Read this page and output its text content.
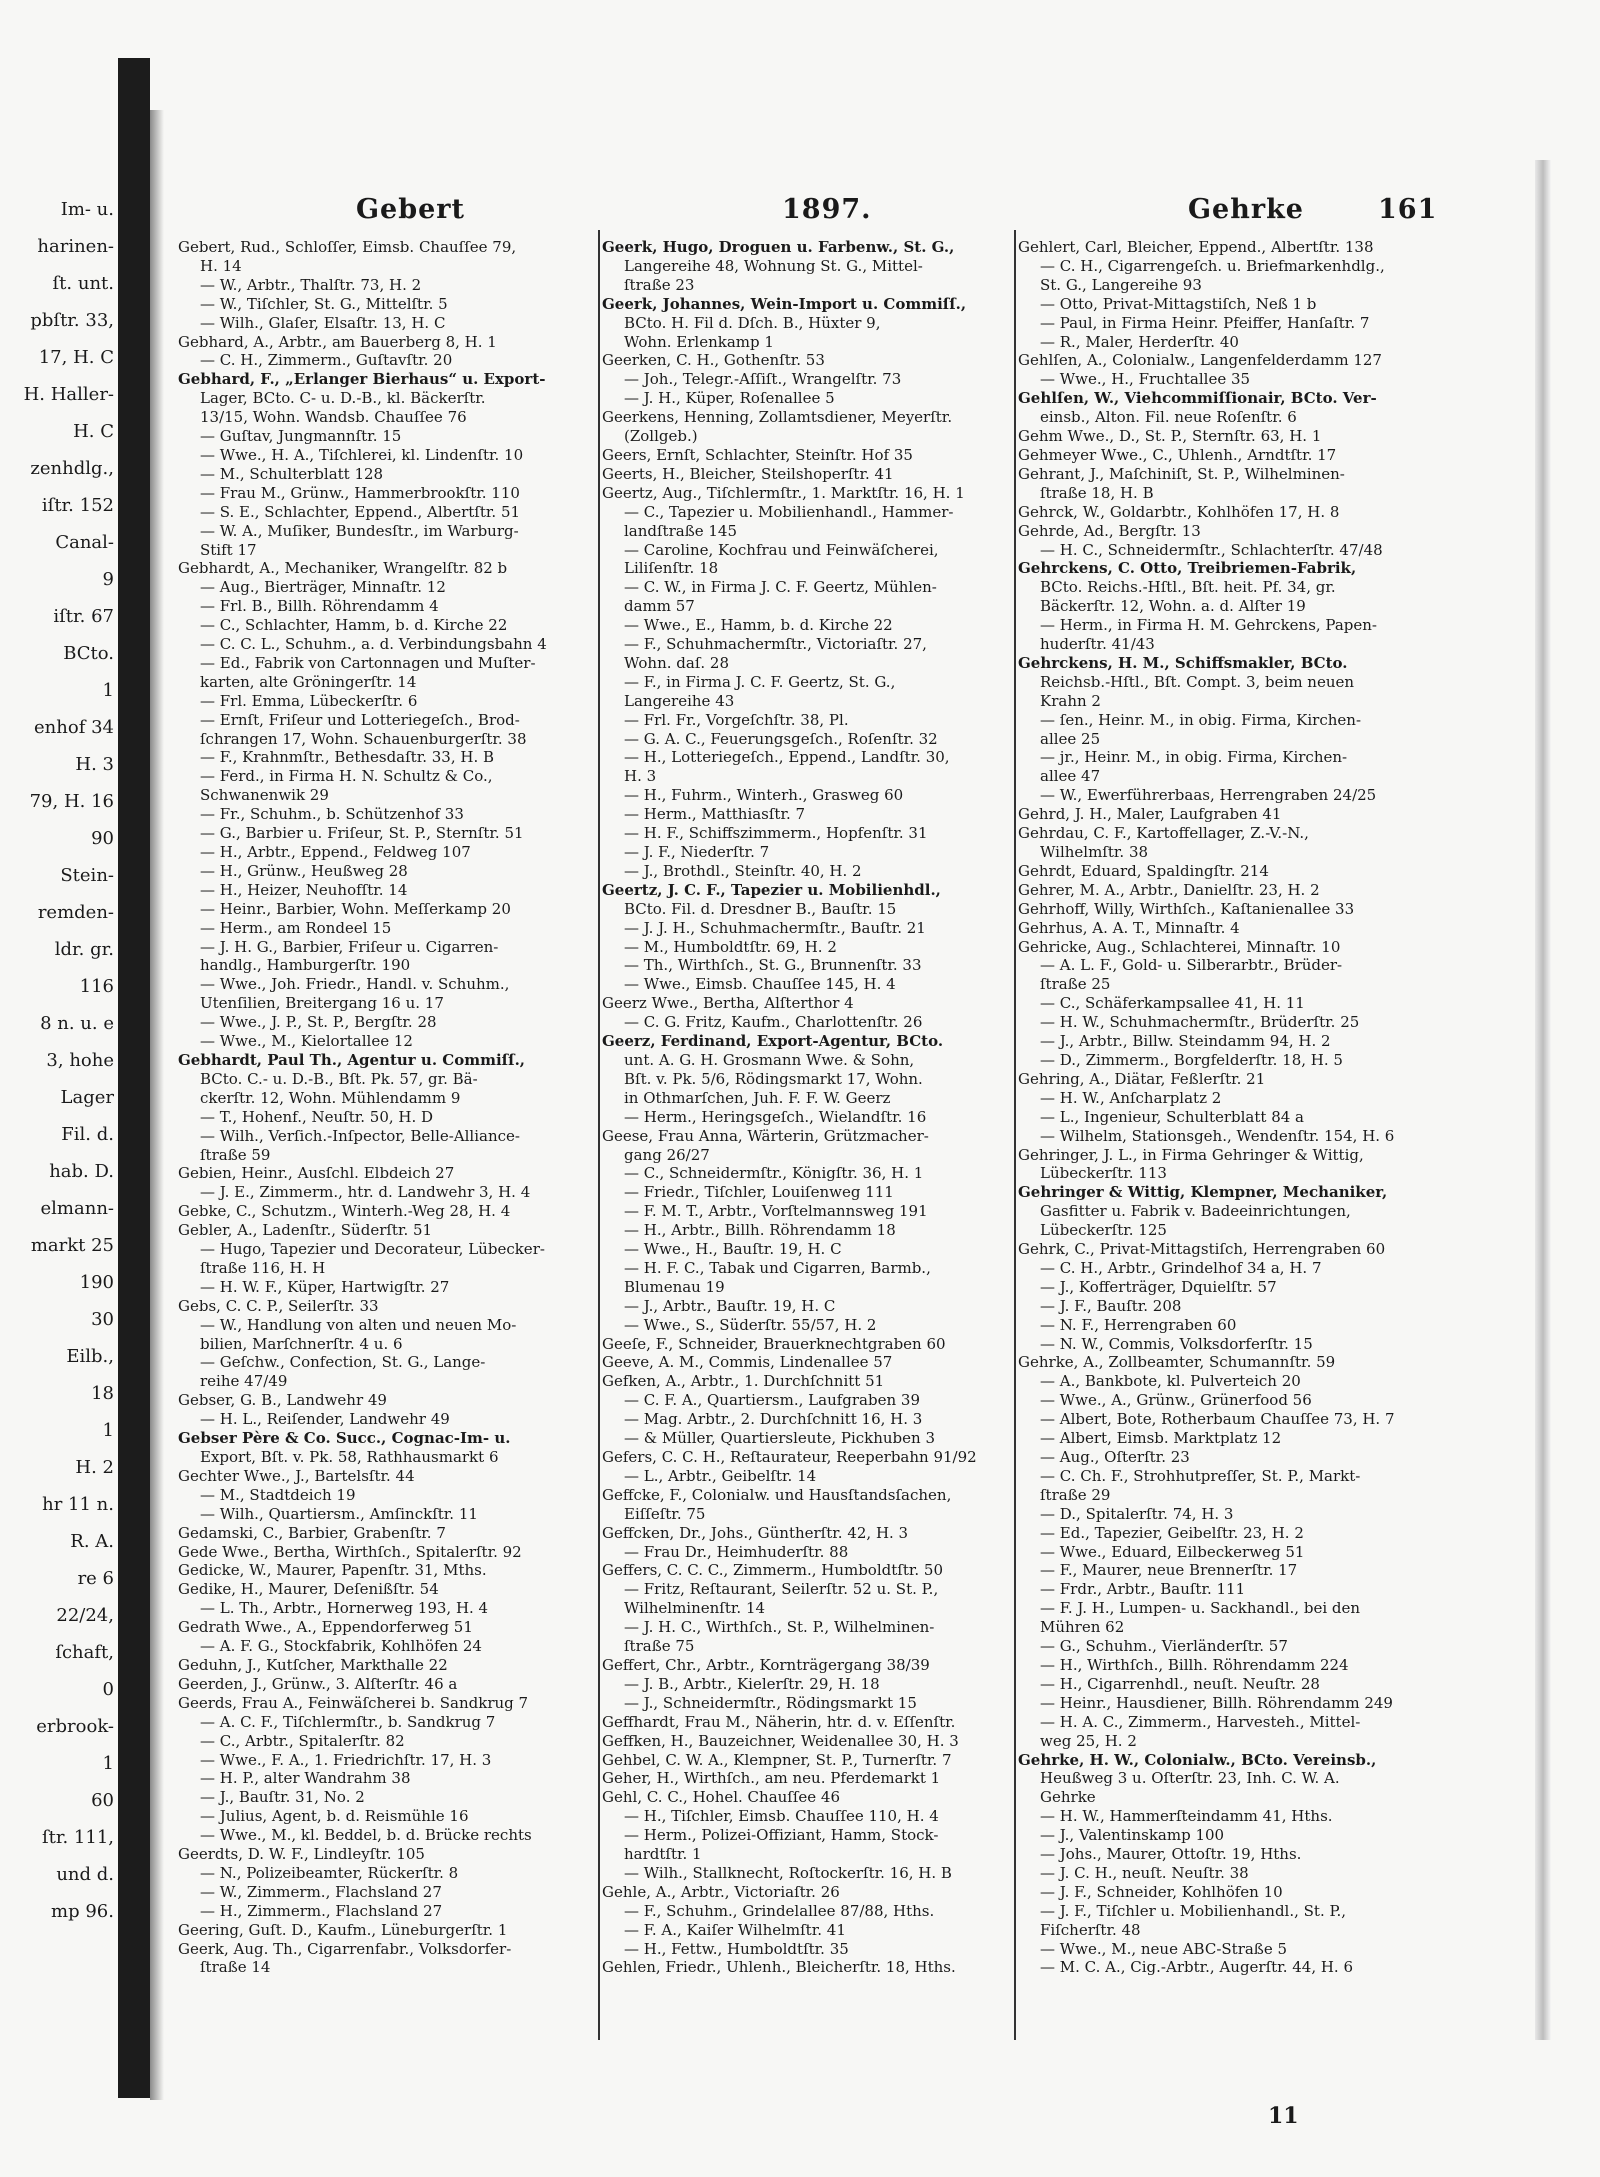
Im- u.
harinen-
ſt. unt.
pbſtr. 33,
17, H. C
H. Haller-
H. C
zenhdlg.,
iſtr. 152
Canal-
9
iſtr. 67
BCto.
1
enhof 34
H. 3
79, H. 16
90
Stein-
remden-
ldr. gr.
116
8 n. u. e
3, hohe
Lager
Fil. d.
hab. D.
elmann-
markt 25
190
30
Eilb.,
18
1
H. 2
hr 11 n.
R. A.
re 6
22/24,
ſchaft,
0
erbrook-
1
60
ſtr. 111,
und d.
mp 96.
Gebert	1897.	Gehrke	161
Gebert, Rud., Schloſſer, Eimsb. Chauſſee 79,
H. 14
— W., Arbtr., Thalſtr. 73, H. 2
— W., Tiſchler, St. G., Mittelſtr. 5
— Wilh., Glaſer, Elsaſtr. 13, H. C
Gebhard, A., Arbtr., am Bauerberg 8, H. 1
— C. H., Zimmerm., Guſtavſtr. 20
Gebhard, F., „Erlanger Bierhaus“ u. Export-
Lager, BCto. C- u. D.-B., kl. Bäckerſtr.
13/15, Wohn. Wandsb. Chauſſee 76
— Guſtav, Jungmannſtr. 15
— Wwe., H. A., Tiſchlerei, kl. Lindenſtr. 10
— M., Schulterblatt 128
— Frau M., Grünw., Hammerbrookſtr. 110
— S. E., Schlachter, Eppend., Albertſtr. 51
— W. A., Muſiker, Bundesſtr., im Warburg-
Stift 17
Gebhardt, A., Mechaniker, Wrangelſtr. 82 b
— Aug., Bierträger, Minnaſtr. 12
— Frl. B., Billh. Röhrendamm 4
— C., Schlachter, Hamm, b. d. Kirche 22
— C. C. L., Schuhm., a. d. Verbindungsbahn 4
— Ed., Fabrik von Cartonnagen und Muſter-
karten, alte Gröningerſtr. 14
— Frl. Emma, Lübeckerſtr. 6
— Ernſt, Friſeur und Lotteriegeſch., Brod-
ſchrangen 17, Wohn. Schauenburgerſtr. 38
— F., Krahnmſtr., Bethesdaſtr. 33, H. B
— Ferd., in Firma H. N. Schultz & Co.,
Schwanenwik 29
— Fr., Schuhm., b. Schützenhof 33
— G., Barbier u. Friſeur, St. P., Sternſtr. 51
— H., Arbtr., Eppend., Feldweg 107
— H., Grünw., Heußweg 28
— H., Heizer, Neuhofſtr. 14
— Heinr., Barbier, Wohn. Meſſerkamp 20
— Herm., am Rondeel 15
— J. H. G., Barbier, Friſeur u. Cigarren-
handlg., Hamburgerſtr. 190
— Wwe., Joh. Friedr., Handl. v. Schuhm.,
Utenſilien, Breitergang 16 u. 17
— Wwe., J. P., St. P., Bergſtr. 28
— Wwe., M., Kielortallee 12
Gebhardt, Paul Th., Agentur u. Commiſſ.,
BCto. C.- u. D.-B., Bſt. Pk. 57, gr. Bä-
ckerſtr. 12, Wohn. Mühlendamm 9
— T., Hohenf., Neuſtr. 50, H. D
— Wilh., Verſich.-Inſpector, Belle-Alliance-
ſtraße 59
Gebien, Heinr., Ausſchl. Elbdeich 27
— J. E., Zimmerm., htr. d. Landwehr 3, H. 4
Gebke, C., Schutzm., Winterh.-Weg 28, H. 4
Gebler, A., Ladenſtr., Süderſtr. 51
— Hugo, Tapezier und Decorateur, Lübecker-
ſtraße 116, H. H
— H. W. F., Küper, Hartwigſtr. 27
Gebs, C. C. P., Seilerſtr. 33
— W., Handlung von alten und neuen Mo-
bilien, Marſchnerſtr. 4 u. 6
— Geſchw., Confection, St. G., Lange-
reihe 47/49
Gebser, G. B., Landwehr 49
— H. L., Reiſender, Landwehr 49
Gebser Père & Co. Succ., Cognac-Im- u.
Export, Bſt. v. Pk. 58, Rathhausmarkt 6
Gechter Wwe., J., Bartelsſtr. 44
— M., Stadtdeich 19
— Wilh., Quartiersm., Amſinckſtr. 11
Gedamski, C., Barbier, Grabenſtr. 7
Gede Wwe., Bertha, Wirthſch., Spitalerſtr. 92
Gedicke, W., Maurer, Papenſtr. 31, Mths.
Gedike, H., Maurer, Deſenißſtr. 54
— L. Th., Arbtr., Hornerweg 193, H. 4
Gedrath Wwe., A., Eppendorferweg 51
— A. F. G., Stockfabrik, Kohlhöfen 24
Geduhn, J., Kutſcher, Markthalle 22
Geerden, J., Grünw., 3. Alſterſtr. 46 a
Geerds, Frau A., Feinwäſcherei b. Sandkrug 7
— A. C. F., Tiſchlermſtr., b. Sandkrug 7
— C., Arbtr., Spitalerſtr. 82
— Wwe., F. A., 1. Friedrichſtr. 17, H. 3
— H. P., alter Wandrahm 38
— J., Bauſtr. 31, No. 2
— Julius, Agent, b. d. Reismühle 16
— Wwe., M., kl. Beddel, b. d. Brücke rechts
Geerdts, D. W. F., Lindleyſtr. 105
— N., Polizeibeamter, Rückerſtr. 8
— W., Zimmerm., Flachsland 27
— H., Zimmerm., Flachsland 27
Geering, Guſt. D., Kaufm., Lüneburgerſtr. 1
Geerk, Aug. Th., Cigarrenfabr., Volksdorfer-
ſtraße 14
Geerk, Hugo, Droguen u. Farbenw., St. G.,
Langereihe 48, Wohnung St. G., Mittel-
ſtraße 23
Geerk, Johannes, Wein-Import u. Commiſſ.,
BCto. H. Fil d. Dſch. B., Hüxter 9,
Wohn. Erlenkamp 1
Geerken, C. H., Gothenſtr. 53
— Joh., Telegr.-Aſſiſt., Wrangelſtr. 73
— J. H., Küper, Roſenallee 5
Geerkens, Henning, Zollamtsdiener, Meyerſtr.
(Zollgeb.)
Geers, Ernſt, Schlachter, Steinſtr. Hof 35
Geerts, H., Bleicher, Steilshoperſtr. 41
Geertz, Aug., Tiſchlermſtr., 1. Marktſtr. 16, H. 1
— C., Tapezier u. Mobilienhandl., Hammer-
landſtraße 145
— Caroline, Kochfrau und Feinwäſcherei,
Liliſenſtr. 18
— C. W., in Firma J. C. F. Geertz, Mühlen-
damm 57
— Wwe., E., Hamm, b. d. Kirche 22
— F., Schuhmachermſtr., Victoriaſtr. 27,
Wohn. daſ. 28
— F., in Firma J. C. F. Geertz, St. G.,
Langereihe 43
— Frl. Fr., Vorgeſchſtr. 38, Pl.
— G. A. C., Feuerungsgeſch., Roſenſtr. 32
— H., Lotteriegeſch., Eppend., Landſtr. 30,
H. 3
— H., Fuhrm., Winterh., Grasweg 60
— Herm., Matthiasſtr. 7
— H. F., Schiffszimmerm., Hopfenſtr. 31
— J. F., Niederſtr. 7
— J., Brothdl., Steinſtr. 40, H. 2
Geertz, J. C. F., Tapezier u. Mobilienhdl.,
BCto. Fil. d. Dresdner B., Bauſtr. 15
— J. J. H., Schuhmachermſtr., Bauſtr. 21
— M., Humboldtſtr. 69, H. 2
— Th., Wirthſch., St. G., Brunnenſtr. 33
— Wwe., Eimsb. Chauſſee 145, H. 4
Geerz Wwe., Bertha, Alſterthor 4
— C. G. Fritz, Kaufm., Charlottenſtr. 26
Geerz, Ferdinand, Export-Agentur, BCto.
unt. A. G. H. Grosmann Wwe. & Sohn,
Bſt. v. Pk. 5/6, Rödingsmarkt 17, Wohn.
in Othmarſchen, Juh. F. F. W. Geerz
— Herm., Heringsgeſch., Wielandſtr. 16
Geese, Frau Anna, Wärterin, Grützmacher-
gang 26/27
— C., Schneidermſtr., Königſtr. 36, H. 1
— Friedr., Tiſchler, Louiſenweg 111
— F. M. T., Arbtr., Vorſtelmannsweg 191
— H., Arbtr., Billh. Röhrendamm 18
— Wwe., H., Bauſtr. 19, H. C
— H. F. C., Tabak und Cigarren, Barmb.,
Blumenau 19
— J., Arbtr., Bauſtr. 19, H. C
— Wwe., S., Süderſtr. 55/57, H. 2
Geeſe, F., Schneider, Brauerknechtgraben 60
Geeve, A. M., Commis, Lindenallee 57
Gefken, A., Arbtr., 1. Durchſchnitt 51
— C. F. A., Quartiersm., Laufgraben 39
— Mag. Arbtr., 2. Durchſchnitt 16, H. 3
— & Müller, Quartiersleute, Pickhuben 3
Gefers, C. C. H., Reſtaurateur, Reeperbahn 91/92
— L., Arbtr., Geibelſtr. 14
Geffcke, F., Colonialw. und Hausſtandsſachen,
Eiſſeſtr. 75
Geffcken, Dr., Johs., Güntherſtr. 42, H. 3
— Frau Dr., Heimhuderſtr. 88
Geffers, C. C. C., Zimmerm., Humboldtſtr. 50
— Fritz, Reſtaurant, Seilerſtr. 52 u. St. P.,
Wilhelminenſtr. 14
— J. H. C., Wirthſch., St. P., Wilhelminen-
ſtraße 75
Geffert, Chr., Arbtr., Kornträgergang 38/39
— J. B., Arbtr., Kielerſtr. 29, H. 18
— J., Schneidermſtr., Rödingsmarkt 15
Geffhardt, Frau M., Näherin, htr. d. v. Eſſenſtr.
Geffken, H., Bauzeichner, Weidenallee 30, H. 3
Gehbel, C. W. A., Klempner, St. P., Turnerſtr. 7
Geher, H., Wirthſch., am neu. Pferdemarkt 1
Gehl, C. C., Hohel. Chauſſee 46
— H., Tiſchler, Eimsb. Chauſſee 110, H. 4
— Herm., Polizei-Offiziant, Hamm, Stock-
hardtſtr. 1
— Wilh., Stallknecht, Roſtockerſtr. 16, H. B
Gehle, A., Arbtr., Victoriaſtr. 26
— F., Schuhm., Grindelallee 87/88, Hths.
— F. A., Kaiſer Wilhelmſtr. 41
— H., Fettw., Humboldtſtr. 35
Gehlen, Friedr., Uhlenh., Bleicherſtr. 18, Hths.
Gehlert, Carl, Bleicher, Eppend., Albertſtr. 138
— C. H., Cigarrengeſch. u. Briefmarkenhdlg.,
St. G., Langereihe 93
— Otto, Privat-Mittagstiſch, Neß 1 b
— Paul, in Firma Heinr. Pfeiffer, Hanſaſtr. 7
— R., Maler, Herderſtr. 40
Gehlſen, A., Colonialw., Langenfelderdamm 127
— Wwe., H., Fruchtallee 35
Gehlſen, W., Viehcommiſſionair, BCto. Ver-
einsb., Alton. Fil. neue Roſenſtr. 6
Gehm Wwe., D., St. P., Sternſtr. 63, H. 1
Gehmeyer Wwe., C., Uhlenh., Arndtſtr. 17
Gehrant, J., Maſchiniſt, St. P., Wilhelminen-
ſtraße 18, H. B
Gehrck, W., Goldarbtr., Kohlhöfen 17, H. 8
Gehrde, Ad., Bergſtr. 13
— H. C., Schneidermſtr., Schlachterſtr. 47/48
Gehrckens, C. Otto, Treibriemen-Fabrik,
BCto. Reichs.-Hſtl., Bſt. heit. Pf. 34, gr.
Bäckerſtr. 12, Wohn. a. d. Alſter 19
— Herm., in Firma H. M. Gehrckens, Papen-
huderſtr. 41/43
Gehrckens, H. M., Schiffsmakler, BCto.
Reichsb.-Hſtl., Bſt. Compt. 3, beim neuen
Krahn 2
— ſen., Heinr. M., in obig. Firma, Kirchen-
allee 25
— jr., Heinr. M., in obig. Firma, Kirchen-
allee 47
— W., Ewerführerbaas, Herrengraben 24/25
Gehrd, J. H., Maler, Laufgraben 41
Gehrdau, C. F., Kartoffellager, Z.-V.-N.,
Wilhelmſtr. 38
Gehrdt, Eduard, Spaldingſtr. 214
Gehrer, M. A., Arbtr., Danielſtr. 23, H. 2
Gehrhoff, Willy, Wirthſch., Kaſtanienallee 33
Gehrhus, A. A. T., Minnaſtr. 4
Gehricke, Aug., Schlachterei, Minnaſtr. 10
— A. L. F., Gold- u. Silberarbtr., Brüder-
ſtraße 25
— C., Schäferkampsallee 41, H. 11
— H. W., Schuhmachermſtr., Brüderſtr. 25
— J., Arbtr., Billw. Steindamm 94, H. 2
— D., Zimmerm., Borgfelderſtr. 18, H. 5
Gehring, A., Diätar, Feßlerſtr. 21
— H. W., Anſcharplatz 2
— L., Ingenieur, Schulterblatt 84 a
— Wilhelm, Stationsgeh., Wendenſtr. 154, H. 6
Gehringer, J. L., in Firma Gehringer & Wittig,
Lübeckerſtr. 113
Gehringer & Wittig, Klempner, Mechaniker,
Gasfitter u. Fabrik v. Badeeinrichtungen,
Lübeckerſtr. 125
Gehrk, C., Privat-Mittagstiſch, Herrengraben 60
— C. H., Arbtr., Grindelhof 34 a, H. 7
— J., Kofferträger, Dquielſtr. 57
— J. F., Bauſtr. 208
— N. F., Herrengraben 60
— N. W., Commis, Volksdorferſtr. 15
Gehrke, A., Zollbeamter, Schumannſtr. 59
— A., Bankbote, kl. Pulverteich 20
— Wwe., A., Grünw., Grünerfood 56
— Albert, Bote, Rotherbaum Chauſſee 73, H. 7
— Albert, Eimsb. Marktplatz 12
— Aug., Oſterſtr. 23
— C. Ch. F., Strohhutpreſſer, St. P., Markt-
ſtraße 29
— D., Spitalerſtr. 74, H. 3
— Ed., Tapezier, Geibelſtr. 23, H. 2
— Wwe., Eduard, Eilbeckerweg 51
— F., Maurer, neue Brennerſtr. 17
— Frdr., Arbtr., Bauſtr. 111
— F. J. H., Lumpen- u. Sackhandl., bei den
Mühren 62
— G., Schuhm., Vierländerſtr. 57
— H., Wirthſch., Billh. Röhrendamm 224
— H., Cigarrenhdl., neuſt. Neuſtr. 28
— Heinr., Hausdiener, Billh. Röhrendamm 249
— H. A. C., Zimmerm., Harvesteh., Mittel-
weg 25, H. 2
Gehrke, H. W., Colonialw., BCto. Vereinsb.,
Heußweg 3 u. Oſterſtr. 23, Inh. C. W. A.
Gehrke
— H. W., Hammerſteindamm 41, Hths.
— J., Valentinskamp 100
— Johs., Maurer, Ottoſtr. 19, Hths.
— J. C. H., neuſt. Neuſtr. 38
— J. F., Schneider, Kohlhöfen 10
— J. F., Tiſchler u. Mobilienhandl., St. P.,
Fiſcherſtr. 48
— Wwe., M., neue ABC-Straße 5
— M. C. A., Cig.-Arbtr., Augerſtr. 44, H. 6
11
